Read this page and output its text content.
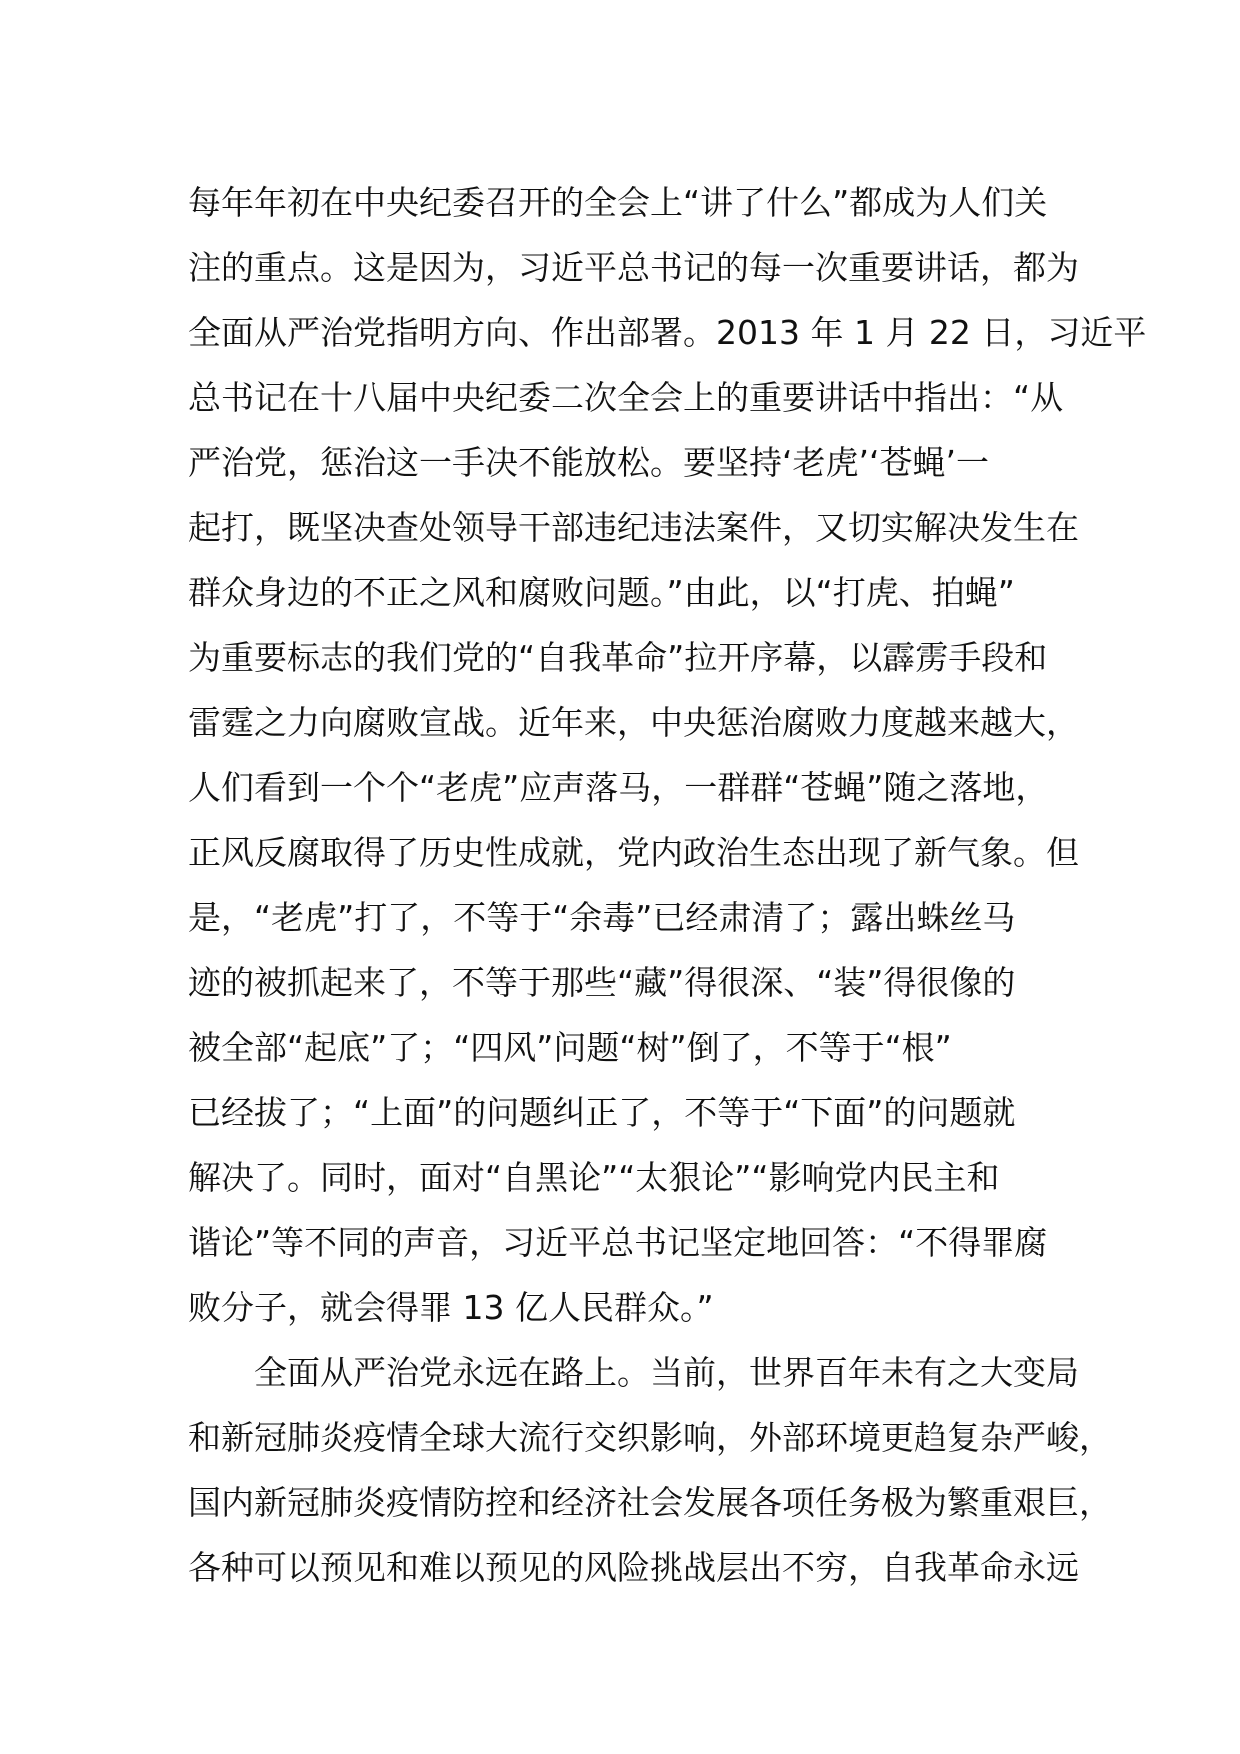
每年年初在中央纪委召开的全会上“讲了什么”都成为人们关
注的重点。这是因为，习近平总书记的每一次重要讲话，都为
全面从严治党指明方向、作出部署。2013 年 1 月 22 日，习近平
总书记在十八届中央纪委二次全会上的重要讲话中指出：“从
严治党，惩治这一手决不能放松。要坚持‘老虎’‘苍蝇’一
起打，既坚决查处领导干部违纪违法案件，又切实解决发生在
群众身边的不正之风和腐败问题。”由此，以“打虎、拍蝇”
为重要标志的我们党的“自我革命”拉开序幕，以霹雳手段和
雷霆之力向腐败宣战。近年来，中央惩治腐败力度越来越大，
人们看到一个个“老虎”应声落马，一群群“苍蝇”随之落地，
正风反腐取得了历史性成就，党内政治生态出现了新气象。但
是，“老虎”打了，不等于“余毒”已经肃清了；露出蛛丝马
迹的被抓起来了，不等于那些“藏”得很深、“装”得很像的
被全部“起底”了；“四风”问题“树”倒了，不等于“根”
已经拔了；“上面”的问题纠正了，不等于“下面”的问题就
解决了。同时，面对“自黑论”“太狠论”“影响党内民主和
谐论”等不同的声音，习近平总书记坚定地回答：“不得罪腐
败分子，就会得罪 13 亿人民群众。”
　　全面从严治党永远在路上。当前，世界百年未有之大变局
和新冠肺炎疫情全球大流行交织影响，外部环境更趋复杂严峻，
国内新冠肺炎疫情防控和经济社会发展各项任务极为繁重艰巨，
各种可以预见和难以预见的风险挑战层出不穷，自我革命永远
